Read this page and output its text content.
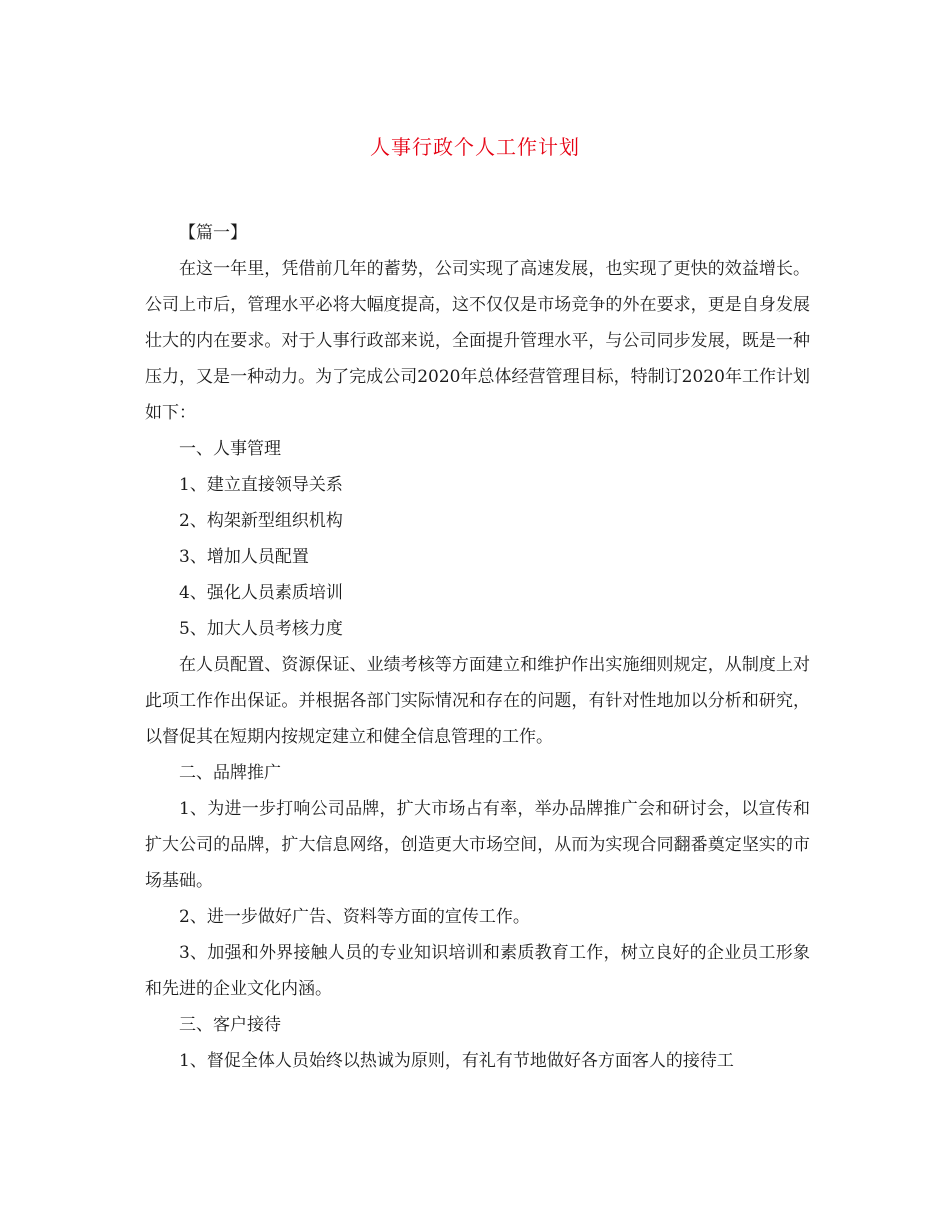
人事行政个人工作计划

【篇一】

在这一年里，凭借前几年的蓄势，公司实现了高速发展，也实现了更快的效益增长。公司上市后，管理水平必将大幅度提高，这不仅仅是市场竞争的外在要求，更是自身发展壮大的内在要求。对于人事行政部来说，全面提升管理水平，与公司同步发展，既是一种压力，又是一种动力。为了完成公司2020年总体经营管理目标，特制订2020年工作计划如下：

一、人事管理

1、建立直接领导关系

2、构架新型组织机构

3、增加人员配置

4、强化人员素质培训

5、加大人员考核力度

在人员配置、资源保证、业绩考核等方面建立和维护作出实施细则规定，从制度上对此项工作作出保证。并根据各部门实际情况和存在的问题，有针对性地加以分析和研究，以督促其在短期内按规定建立和健全信息管理的工作。

二、品牌推广

1、为进一步打响公司品牌，扩大市场占有率，举办品牌推广会和研讨会，以宣传和扩大公司的品牌，扩大信息网络，创造更大市场空间，从而为实现合同翻番奠定坚实的市场基础。

2、进一步做好广告、资料等方面的宣传工作。

3、加强和外界接触人员的专业知识培训和素质教育工作，树立良好的企业员工形象和先进的企业文化内涵。

三、客户接待

1、督促全体人员始终以热诚为原则，有礼有节地做好各方面客人的接待工
